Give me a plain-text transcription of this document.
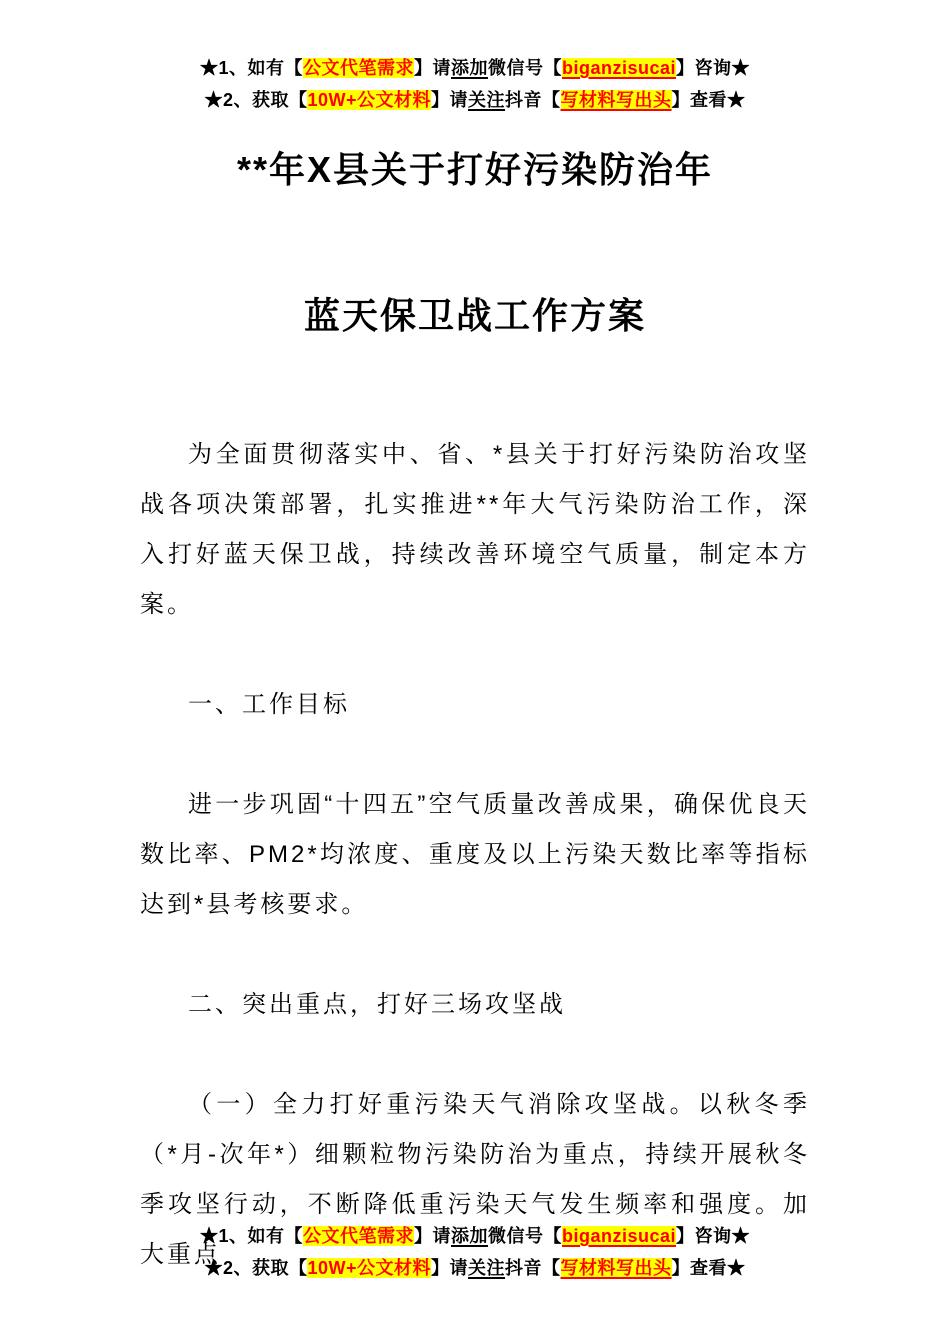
★1、如有【公文代笔需求】请添加微信号【biganzisucai】咨询★
★2、获取【10W+公文材料】请关注抖音【写材料写出头】查看★
**年X县关于打好污染防治年
蓝天保卫战工作方案

为全面贯彻落实中、省、*县关于打好污染防治攻坚战各项决策部署，扎实推进**年大气污染防治工作，深入打好蓝天保卫战，持续改善环境空气质量，制定本方案。

一、工作目标

进一步巩固“十四五”空气质量改善成果，确保优良天数比率、PM2*均浓度、重度及以上污染天数比率等指标达到*县考核要求。

二、突出重点，打好三场攻坚战

（一）全力打好重污染天气消除攻坚战。以秋冬季（*月-次年*）细颗粒物污染防治为重点，持续开展秋冬季攻坚行动，不断降低重污染天气发生频率和强度。加大重点

★1、如有【公文代笔需求】请添加微信号【biganzisucai】咨询★
★2、获取【10W+公文材料】请关注抖音【写材料写出头】查看★
